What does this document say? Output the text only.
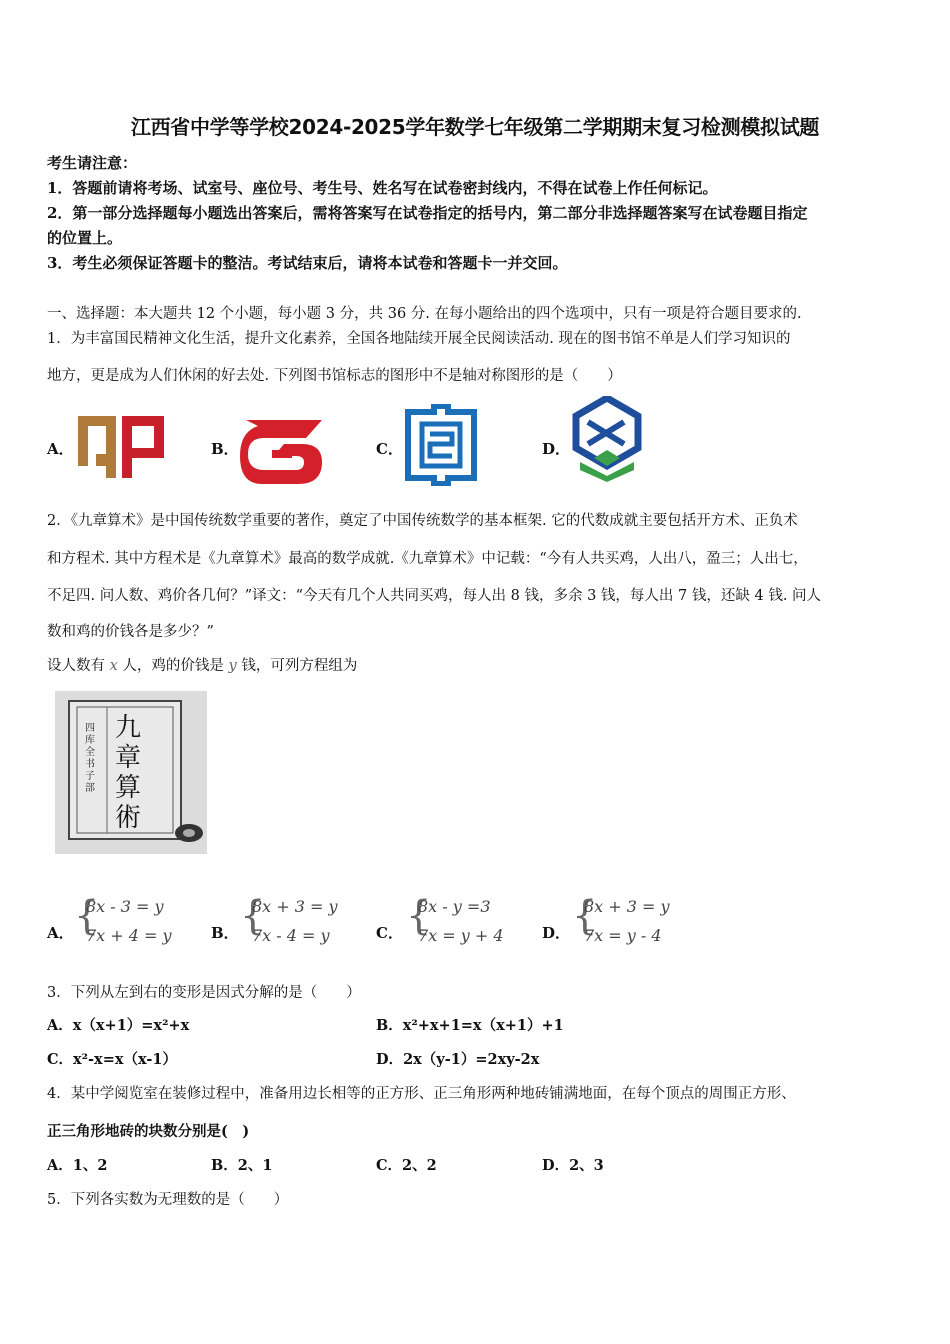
江西省中学等学校2024-2025学年数学七年级第二学期期末复习检测模拟试题
考生请注意：
1．答题前请将考场、试室号、座位号、考生号、姓名写在试卷密封线内，不得在试卷上作任何标记。
2．第一部分选择题每小题选出答案后，需将答案写在试卷指定的括号内，第二部分非选择题答案写在试卷题目指定
的位置上。
3．考生必须保证答题卡的整洁。考试结束后，请将本试卷和答题卡一并交回。
一、选择题：本大题共 12 个小题，每小题 3 分，共 36 分. 在每小题给出的四个选项中，只有一项是符合题目要求的.
1．为丰富国民精神文化生活，提升文化素养，全国各地陆续开展全民阅读活动. 现在的图书馆不单是人们学习知识的
地方，更是成为人们休闲的好去处. 下列图书馆标志的图形中不是轴对称图形的是（　　）
A．	B．	C．	D．
2．《九章算术》是中国传统数学重要的著作，奠定了中国传统数学的基本框架. 它的代数成就主要包括开方术、正负术
和方程术. 其中方程术是《九章算术》最高的数学成就.《九章算术》中记载：“今有人共买鸡，人出八，盈三；人出七，
不足四. 问人数、鸡价各几何？”译文：“今天有几个人共同买鸡，每人出 8 钱，多余 3 钱，每人出 7 钱，还缺 4 钱. 问人
数和鸡的价钱各是多少？”
设人数有 x 人，鸡的价钱是 y 钱，可列方程组为
九章算術
四库全书子部
A． {
8x - 3 = y
7x + 4 = y	B． {
8x + 3 = y
7x - 4 = y	C． {
8x - y =3
7x = y + 4	D． {
8x + 3 = y
7x = y - 4
3．下列从左到右的变形是因式分解的是（　　）
A．x（x+1）=x²+x	B．x²+x+1=x（x+1）+1
C．x²-x=x（x-1）	D．2x（y-1）=2xy-2x
4．某中学阅览室在装修过程中，准备用边长相等的正方形、正三角形两种地砖铺满地面，在每个顶点的周围正方形、
正三角形地砖的块数分别是(　)
A．1、2	B．2、1	C．2、2	D．2、3
5．下列各实数为无理数的是（　　）
